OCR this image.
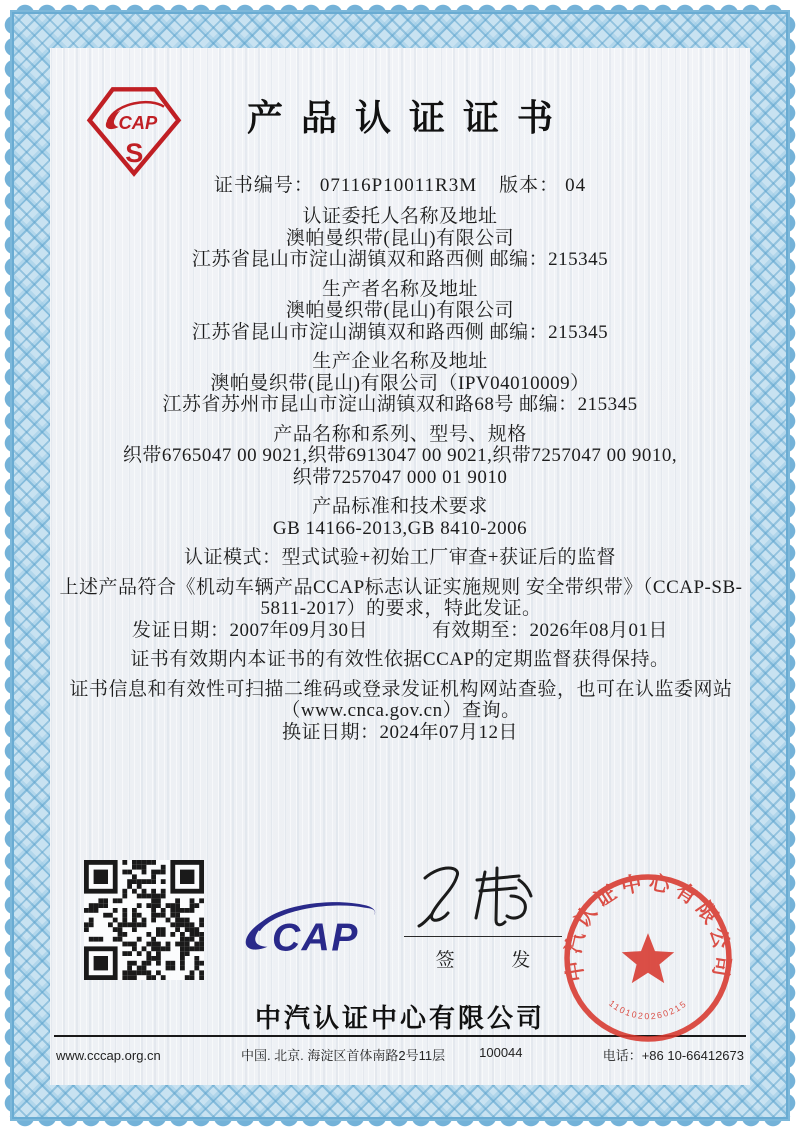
CAP
S
产品认证证书
证书编号： 07116P10011R3M 版本： 04
认证委托人名称及地址
澳帕曼织带(昆山)有限公司
江苏省昆山市淀山湖镇双和路西侧 邮编：215345
生产者名称及地址
澳帕曼织带(昆山)有限公司
江苏省昆山市淀山湖镇双和路西侧 邮编：215345
生产企业名称及地址
澳帕曼织带(昆山)有限公司（IPV04010009）
江苏省苏州市昆山市淀山湖镇双和路68号 邮编：215345
产品名称和系列、型号、规格
织带6765047 00 9021,织带6913047 00 9021,织带7257047 00 9010,织带7257047 000 01 9010
产品标准和技术要求
GB 14166-2013,GB 8410-2006
认证模式：型式试验+初始工厂审查+获证后的监督
上述产品符合《机动车辆产品CCAP标志认证实施规则 安全带织带》（CCAP-SB-5811-2017）的要求，特此发证。
发证日期：2007年09月30日	有效期至：2026年08月01日
证书有效期内本证书的有效性依据CCAP的定期监督获得保持。
证书信息和有效性可扫描二维码或登录发证机构网站查验，也可在认监委网站（www.cnca.gov.cn）查询。
换证日期：2024年07月12日
CAP
签 发
中汽认证中心有限公司
www.cccap.org.cn	中国. 北京. 海淀区首体南路2号11层	100044	电话：+86 10-66412673
中汽认证中心有限公司
1101020260215
